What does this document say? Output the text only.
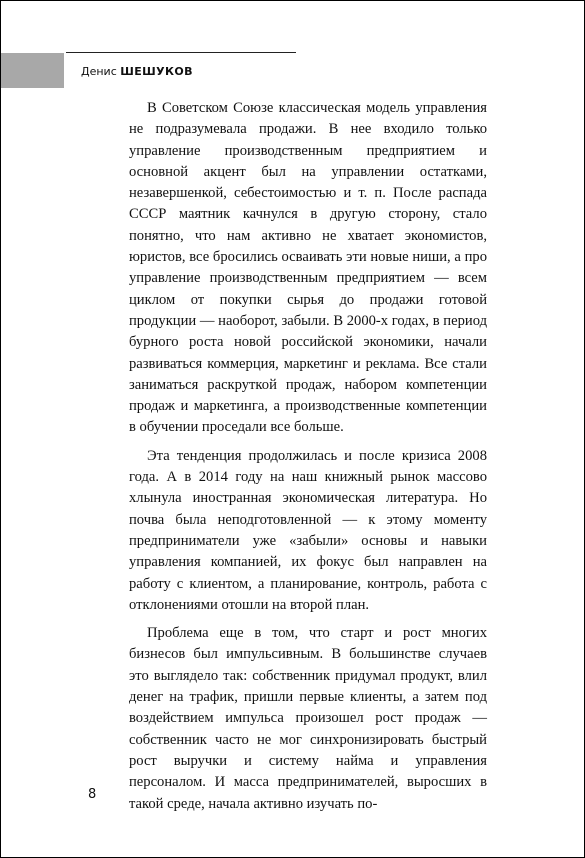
Денис ШЕШУКОВ

В Советском Союзе классическая модель управления не подразумевала продажи. В нее входило только управление производственным предприятием и основной акцент был на управлении остатками, незавершенкой, себестоимостью и т. п. После распада СССР маятник качнулся в другую сторону, стало понятно, что нам активно не хватает экономистов, юристов, все бросились осваивать эти новые ниши, а про управление производственным предприятием — всем циклом от покупки сырья до продажи готовой продукции — наоборот, забыли. В 2000-х годах, в период бурного роста новой российской экономики, начали развиваться коммерция, маркетинг и реклама. Все стали заниматься раскруткой продаж, набором компетенции продаж и маркетинга, а производственные компетенции в обучении проседали все больше.

Эта тенденция продолжилась и после кризиса 2008 года. А в 2014 году на наш книжный рынок массово хлынула иностранная экономическая литература. Но почва была неподготовленной — к этому моменту предприниматели уже «забыли» основы и навыки управления компанией, их фокус был направлен на работу с клиентом, а планирование, контроль, работа с отклонениями отошли на второй план.

Проблема еще в том, что старт и рост многих бизнесов был импульсивным. В большинстве случаев это выглядело так: собственник придумал продукт, влил денег на трафик, пришли первые клиенты, а затем под воздействием импульса произошел рост продаж — собственник часто не мог синхронизировать быстрый рост выручки и систему найма и управления персоналом. И масса предпринимателей, выросших в такой среде, начала активно изучать по-

8
